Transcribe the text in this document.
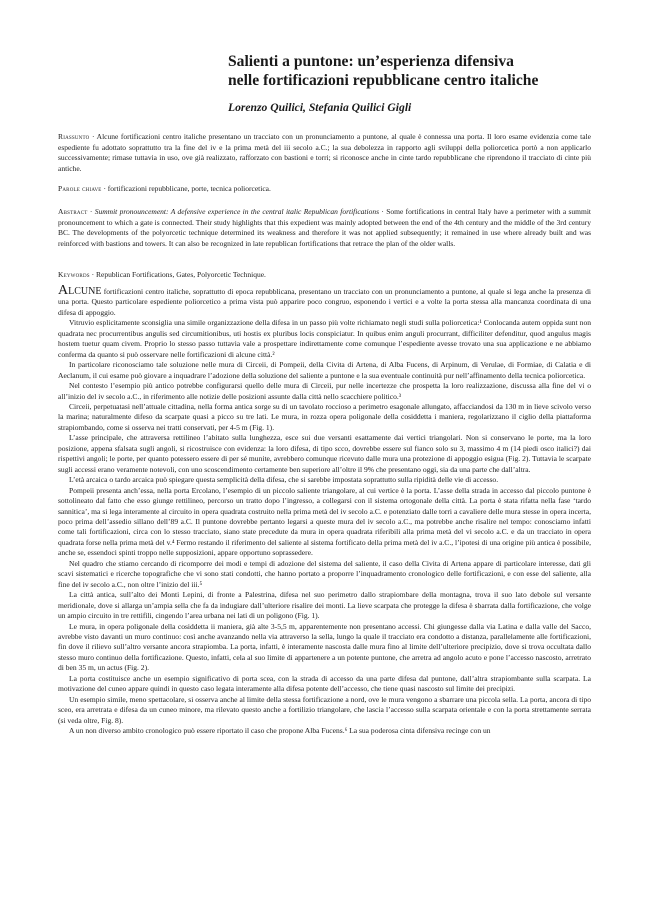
Salienti a puntone: un’esperienza difensiva
nelle fortificazioni repubblicane centro italiche
Lorenzo Quilici, Stefania Quilici Gigli
Riassunto · Alcune fortificazioni centro italiche presentano un tracciato con un pronunciamento a puntone, al quale è connessa una porta. Il loro esame evidenzia come tale espediente fu adottato soprattutto tra la fine del iv e la prima metà del iii secolo a.C.; la sua debolezza in rapporto agli sviluppi della poliorcetica portò a non applicarlo successivamente; rimase tuttavia in uso, ove già realizzato, rafforzato con bastioni e torri; si riconosce anche in cinte tardo repubblicane che riprendono il tracciato di cinte più antiche.
Parole chiave · fortificazioni repubblicane, porte, tecnica poliorcetica.
Abstract · Summit pronouncement: A defensive experience in the central italic Republican fortifications · Some fortifications in central Italy have a perimeter with a summit pronouncement to which a gate is connected. Their study highlights that this expedient was mainly adopted between the end of the 4th century and the middle of the 3rd century BC. The developments of the polyorcetic technique determined its weakness and therefore it was not applied subsequently; it remained in use where already built and was reinforced with bastions and towers. It can also be recognized in late republican fortifications that retrace the plan of the older walls.
Keywords · Republican Fortifications, Gates, Polyorcetic Technique.

Alcune fortificazioni centro italiche, soprattutto di epoca repubblicana, presentano un tracciato con un pronunciamento a puntone, al quale si lega anche la presenza di una porta. Questo particolare espediente poliorcetico a prima vista può apparire poco congruo, esponendo i vertici e a volte la porta stessa alla mancanza coordinata di una difesa di appoggio.

Vitruvio esplicitamente sconsiglia una simile organizzazione della difesa in un passo più volte richiamato negli studi sulla poliorcetica:¹ Conlocanda autem oppida sunt non quadrata nec procurrentibus angulis sed circumitionibus, uti hostis ex pluribus locis conspiciatur. In quibus enim anguli procurrant, difficiliter defenditur, quod angulus magis hostem tuetur quam civem. Proprio lo stesso passo tuttavia vale a prospettare indirettamente come comunque l’espediente avesse trovato una sua applicazione e ne abbiamo conferma da quanto si può osservare nelle fortificazioni di alcune città.²

In particolare riconosciamo tale soluzione nelle mura di Circeii, di Pompeii, della Civita di Artena, di Alba Fucens, di Arpinum, di Verulae, di Formiae, di Calatia e di Aeclanum, il cui esame può giovare a inquadrare l’adozione della soluzione del saliente a puntone e la sua eventuale continuità pur nell’affinamento della tecnica poliorcetica.

Nel contesto l’esempio più antico potrebbe configurarsi quello delle mura di Circeii, pur nelle incertezze che prospetta la loro realizzazione, discussa alla fine del vi o all’inizio del iv secolo a.C., in riferimento alle notizie delle posizioni assunte dalla città nello scacchiere politico.³

Circeii, perpetuatasi nell’attuale cittadina, nella forma antica sorge su di un tavolato roccioso a perimetro esagonale allungato, affacciandosi da 130 m in lieve scivolo verso la marina; naturalmente difeso da scarpate quasi a picco su tre lati. Le mura, in rozza opera poligonale della cosiddetta i maniera, regolarizzano il ciglio della piattaforma strapiombando, come si osserva nei tratti conservati, per 4-5 m (Fig. 1).

L’asse principale, che attraversa rettilineo l’abitato sulla lunghezza, esce sui due versanti esattamente dai vertici triangolari. Non si conservano le porte, ma la loro posizione, appena sfalsata sugli angoli, si ricostruisce con evidenza: la loro difesa, di tipo scco, dovrebbe essere sul fianco solo su 3, massimo 4 m (14 piedi osco italici?) dai rispettivi angoli; le porte, per quanto potessero essere di per sé munite, avrebbero comunque ricevuto dalle mura una protezione di appoggio esigua (Fig. 2). Tuttavia le scarpate sugli accessi erano veramente notevoli, con uno scoscendimento certamente ben superiore all’oltre il 9% che presentano oggi, sia da una parte che dall’altra.

L’età arcaica o tardo arcaica può spiegare questa semplicità della difesa, che si sarebbe impostata soprattutto sulla ripidità delle vie di accesso.

Pompeii presenta anch’essa, nella porta Ercolano, l’esempio di un piccolo saliente triangolare, al cui vertice è la porta. L’asse della strada in accesso dal piccolo puntone è sottolineato dal fatto che esso giunge rettilineo, percorso un tratto dopo l’ingresso, a collegarsi con il sistema ortogonale della città. La porta è stata rifatta nella fase ‘tardo sannitica’, ma si lega interamente al circuito in opera quadrata costruito nella prima metà del iv secolo a.C. e potenziato dalle torri a cavaliere delle mura stesse in opera incerta, poco prima dell’assedio sillano dell’89 a.C. Il puntone dovrebbe pertanto legarsi a queste mura del iv secolo a.C., ma potrebbe anche risalire nel tempo: conosciamo infatti come tali fortificazioni, circa con lo stesso tracciato, siano state precedute da mura in opera quadrata riferibili alla prima metà del vi secolo a.C. e da un tracciato in opera quadrata forse nella prima metà del v.⁴ Fermo restando il riferimento del saliente al sistema fortificato della prima metà del iv a.C., l’ipotesi di una origine più antica è possibile, anche se, essendoci spinti troppo nelle supposizioni, appare opportuno soprassedere.

Nel quadro che stiamo cercando di ricomporre dei modi e tempi di adozione del sistema del saliente, il caso della Civita di Artena appare di particolare interesse, dati gli scavi sistematici e ricerche topografiche che vi sono stati condotti, che hanno portato a proporre l’inquadramento cronologico delle fortificazioni, e con esse del saliente, alla fine del iv secolo a.C., non oltre l’inizio del iii.⁵

La città antica, sull’alto dei Monti Lepini, di fronte a Palestrina, difesa nel suo perimetro dallo strapiombare della montagna, trova il suo lato debole sul versante meridionale, dove si allarga un’ampia sella che fa da indugiare dall’ulteriore risalire dei monti. La lieve scarpata che protegge la difesa è sbarrata dalla fortificazione, che volge un ampio circuito in tre rettifili, cingendo l’area urbana nei lati di un poligono (Fig. 1).

Le mura, in opera poligonale della cosiddetta ii maniera, già alte 3-5,5 m, apparentemente non presentano accessi. Chi giungesse dalla via Latina e dalla valle del Sacco, avrebbe visto davanti un muro continuo: così anche avanzando nella via attraverso la sella, lungo la quale il tracciato era condotto a distanza, parallelamente alle fortificazioni, fin dove il rilievo sull’altro versante ancora strapiomba. La porta, infatti, è interamente nascosta dalle mura fino al limite dell’ulteriore precipizio, dove si trova occultata dallo stesso muro continuo della fortificazione. Questo, infatti, cela al suo limite di appartenere a un potente puntone, che arretra ad angolo acuto e pone l’accesso nascosto, arretrato di ben 35 m, un actus (Fig. 2).

La porta costituisce anche un esempio significativo di porta scea, con la strada di accesso da una parte difesa dal puntone, dall’altra strapiombante sulla scarpata. La motivazione del cuneo appare quindi in questo caso legata interamente alla difesa potente dell’accesso, che tiene quasi nascosto sul limite dei precipizi.

Un esempio simile, meno spettacolare, si osserva anche al limite della stessa fortificazione a nord, ove le mura vengono a sbarrare una piccola sella. La porta, ancora di tipo sceo, era arretrata e difesa da un cuneo minore, ma rilevato questo anche a fortilizio triangolare, che lascia l’accesso sulla scarpata orientale e con la porta strettamente serrata (si veda oltre, Fig. 8).

A un non diverso ambito cronologico può essere riportato il caso che propone Alba Fucens.⁶ La sua poderosa cinta difensiva recinge con un
